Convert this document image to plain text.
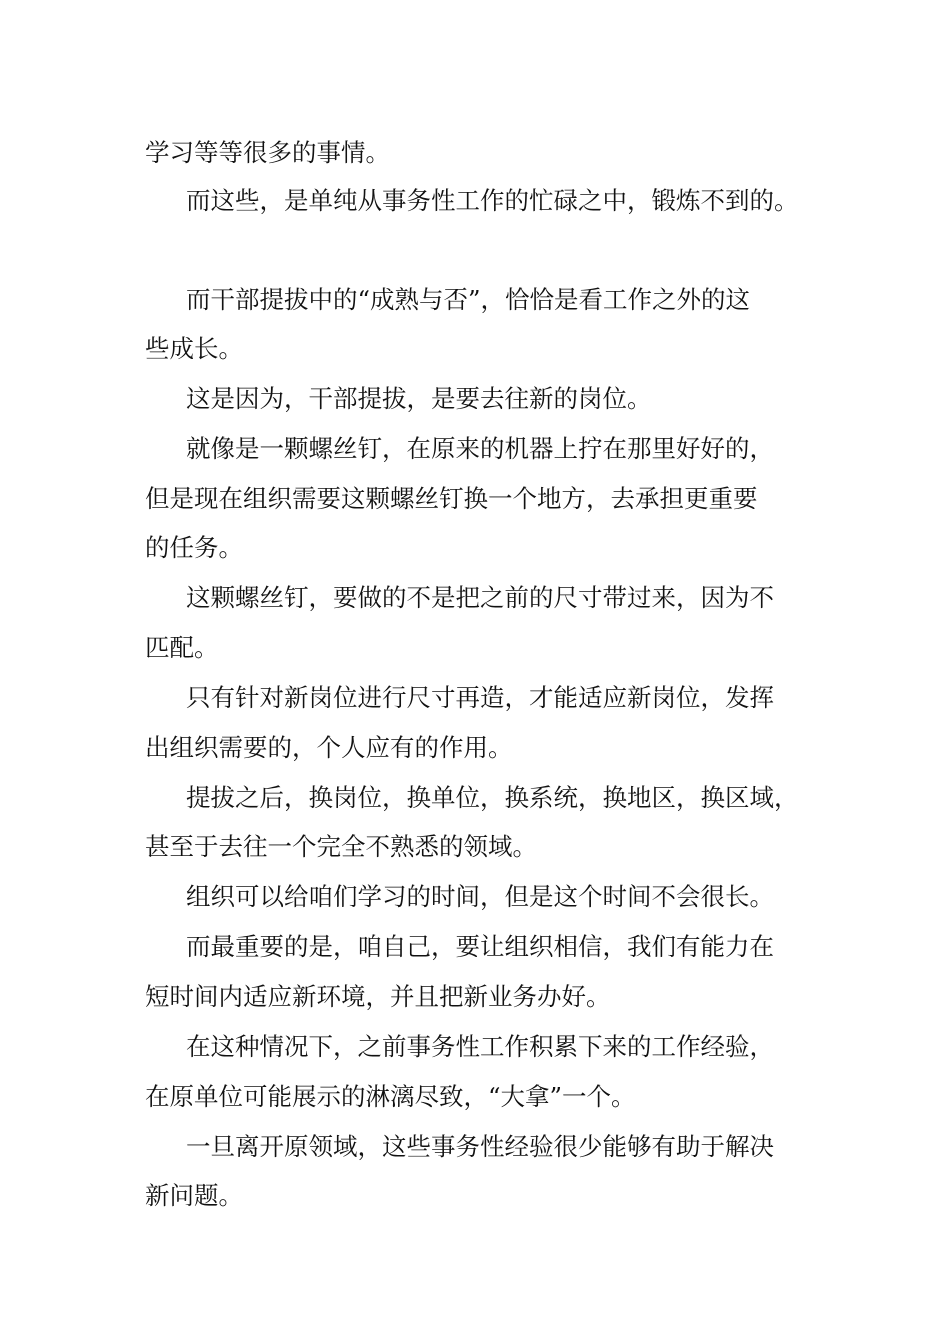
学习等等很多的事情。

而这些，是单纯从事务性工作的忙碌之中，锻炼不到的。

而干部提拔中的“成熟与否”，恰恰是看工作之外的这

些成长。

这是因为，干部提拔，是要去往新的岗位。

就像是一颗螺丝钉，在原来的机器上拧在那里好好的，

但是现在组织需要这颗螺丝钉换一个地方，去承担更重要

的任务。

这颗螺丝钉，要做的不是把之前的尺寸带过来，因为不

匹配。

只有针对新岗位进行尺寸再造，才能适应新岗位，发挥

出组织需要的，个人应有的作用。

提拔之后，换岗位，换单位，换系统，换地区，换区域，

甚至于去往一个完全不熟悉的领域。

组织可以给咱们学习的时间，但是这个时间不会很长。

而最重要的是，咱自己，要让组织相信，我们有能力在

短时间内适应新环境，并且把新业务办好。

在这种情况下，之前事务性工作积累下来的工作经验，

在原单位可能展示的淋漓尽致，“大拿”一个。

一旦离开原领域，这些事务性经验很少能够有助于解决

新问题。
